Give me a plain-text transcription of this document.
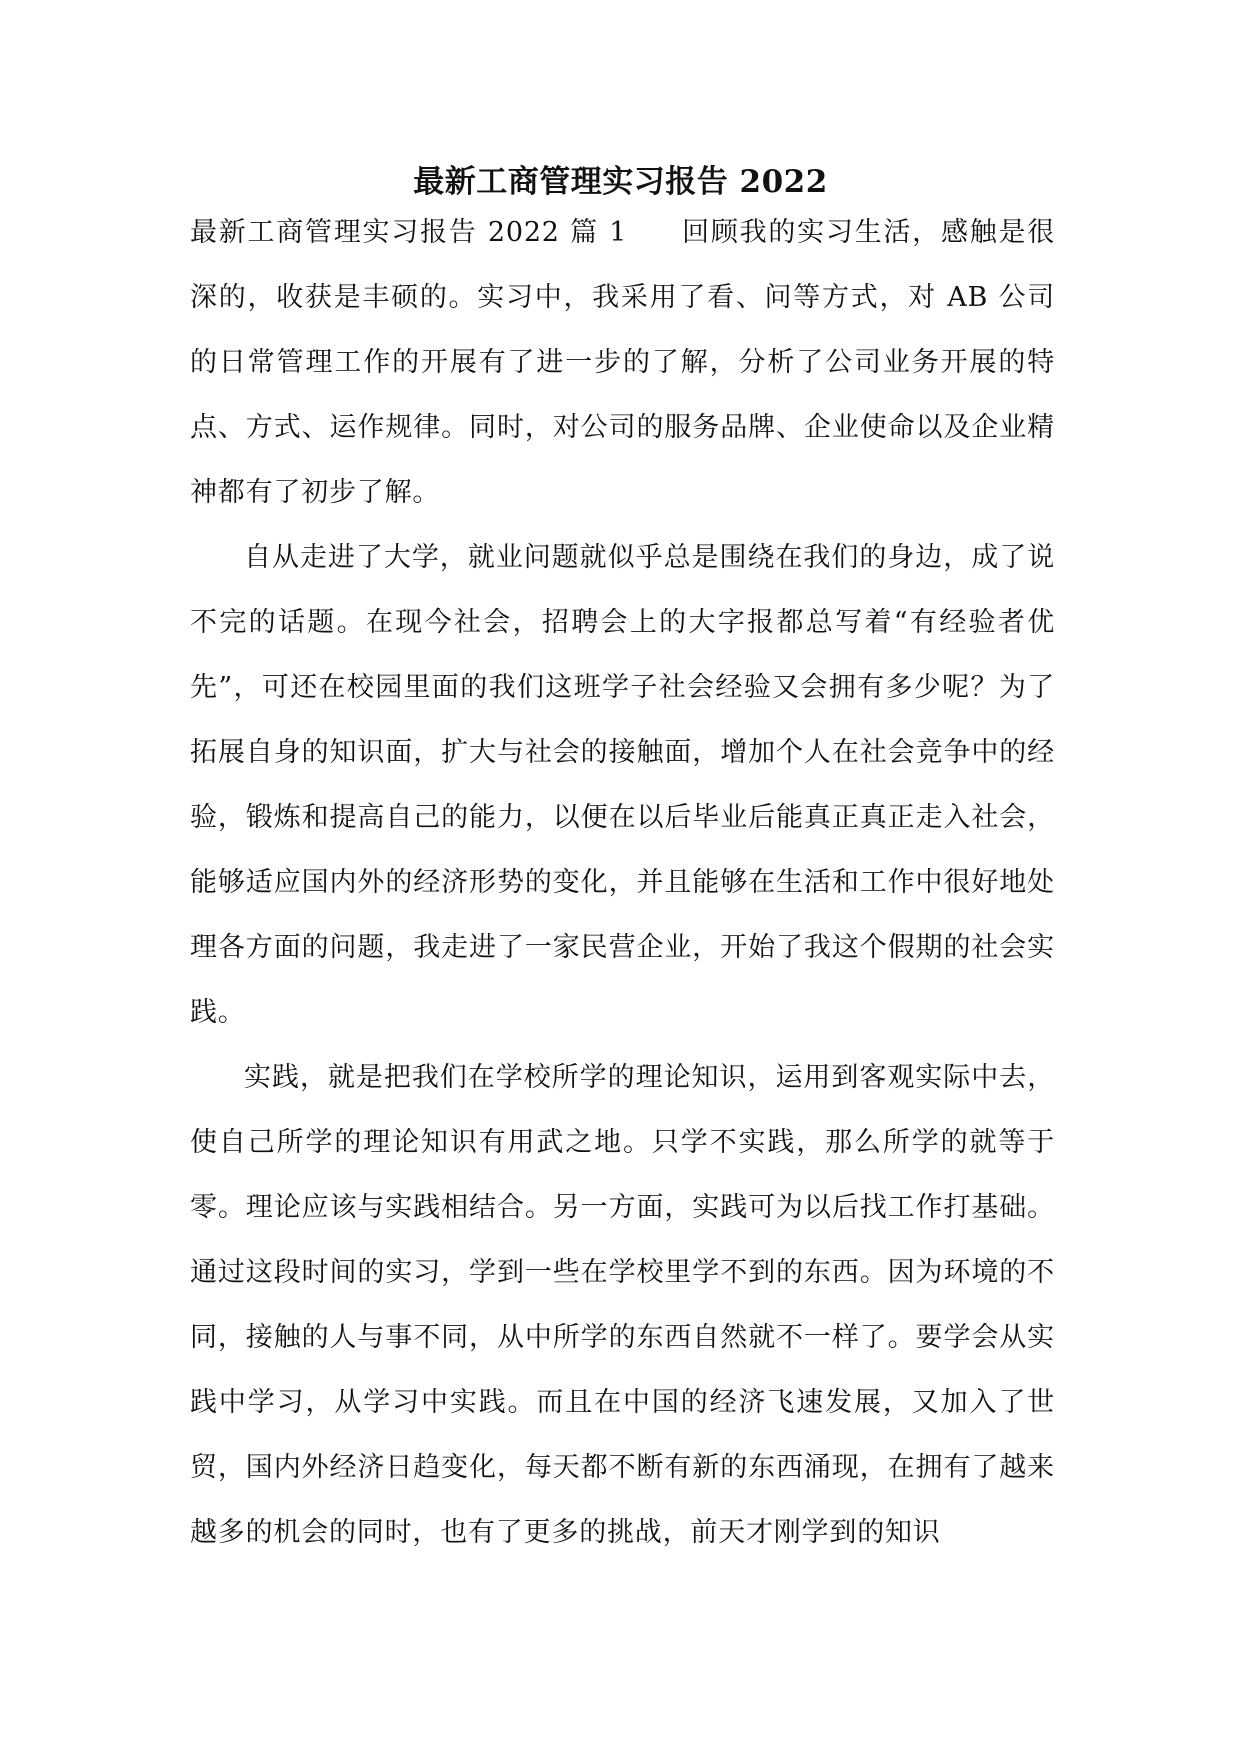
最新工商管理实习报告 2022

最新工商管理实习报告 2022 篇 1 回顾我的实习生活，感触是很深的，收获是丰硕的。实习中，我采用了看、问等方式，对 AB 公司的日常管理工作的开展有了进一步的了解，分析了公司业务开展的特点、方式、运作规律。同时，对公司的服务品牌、企业使命以及企业精神都有了初步了解。

自从走进了大学，就业问题就似乎总是围绕在我们的身边，成了说不完的话题。在现今社会，招聘会上的大字报都总写着“有经验者优先”，可还在校园里面的我们这班学子社会经验又会拥有多少呢？为了拓展自身的知识面，扩大与社会的接触面，增加个人在社会竞争中的经验，锻炼和提高自己的能力，以便在以后毕业后能真正真正走入社会，能够适应国内外的经济形势的变化，并且能够在生活和工作中很好地处理各方面的问题，我走进了一家民营企业，开始了我这个假期的社会实践。

实践，就是把我们在学校所学的理论知识，运用到客观实际中去，使自己所学的理论知识有用武之地。只学不实践，那么所学的就等于零。理论应该与实践相结合。另一方面，实践可为以后找工作打基础。通过这段时间的实习，学到一些在学校里学不到的东西。因为环境的不同，接触的人与事不同，从中所学的东西自然就不一样了。要学会从实践中学习，从学习中实践。而且在中国的经济飞速发展，又加入了世贸，国内外经济日趋变化，每天都不断有新的东西涌现，在拥有了越来越多的机会的同时，也有了更多的挑战，前天才刚学到的知识
